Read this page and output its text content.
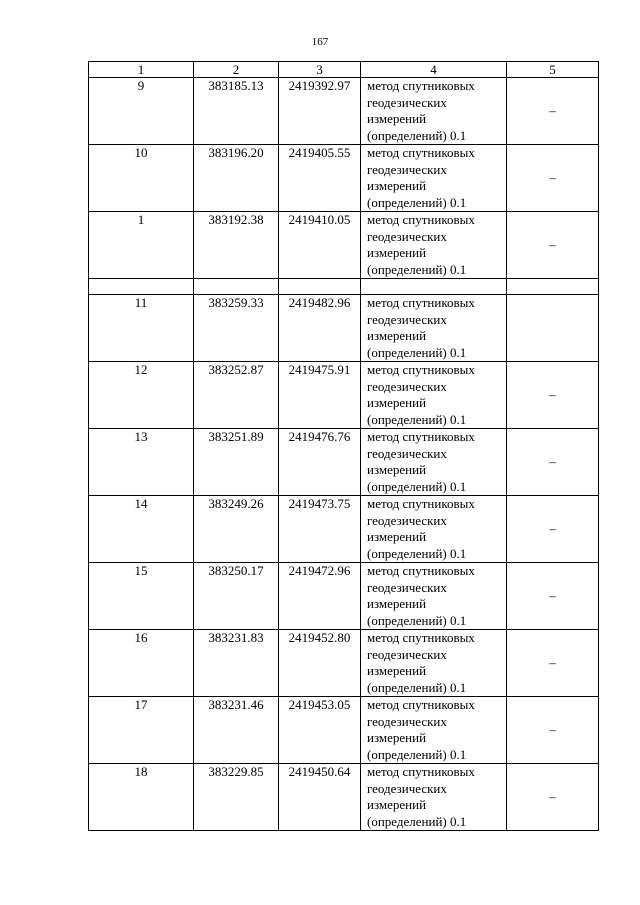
167
1	2	3	4	5
9	383185.13	2419392.97	метод спутниковых
геодезических
измерений
(определений) 0.1	–
10	383196.20	2419405.55	метод спутниковых
геодезических
измерений
(определений) 0.1	–
1	383192.38	2419410.05	метод спутниковых
геодезических
измерений
(определений) 0.1	–

11	383259.33	2419482.96	метод спутниковых
геодезических
измерений
(определений) 0.1	

12	383252.87	2419475.91	метод спутниковых
геодезических
измерений
(определений) 0.1	–
13	383251.89	2419476.76	метод спутниковых
геодезических
измерений
(определений) 0.1	–
14	383249.26	2419473.75	метод спутниковых
геодезических
измерений
(определений) 0.1	–
15	383250.17	2419472.96	метод спутниковых
геодезических
измерений
(определений) 0.1	–
16	383231.83	2419452.80	метод спутниковых
геодезических
измерений
(определений) 0.1	–
17	383231.46	2419453.05	метод спутниковых
геодезических
измерений
(определений) 0.1	–
18	383229.85	2419450.64	метод спутниковых
геодезических
измерений
(определений) 0.1	–
